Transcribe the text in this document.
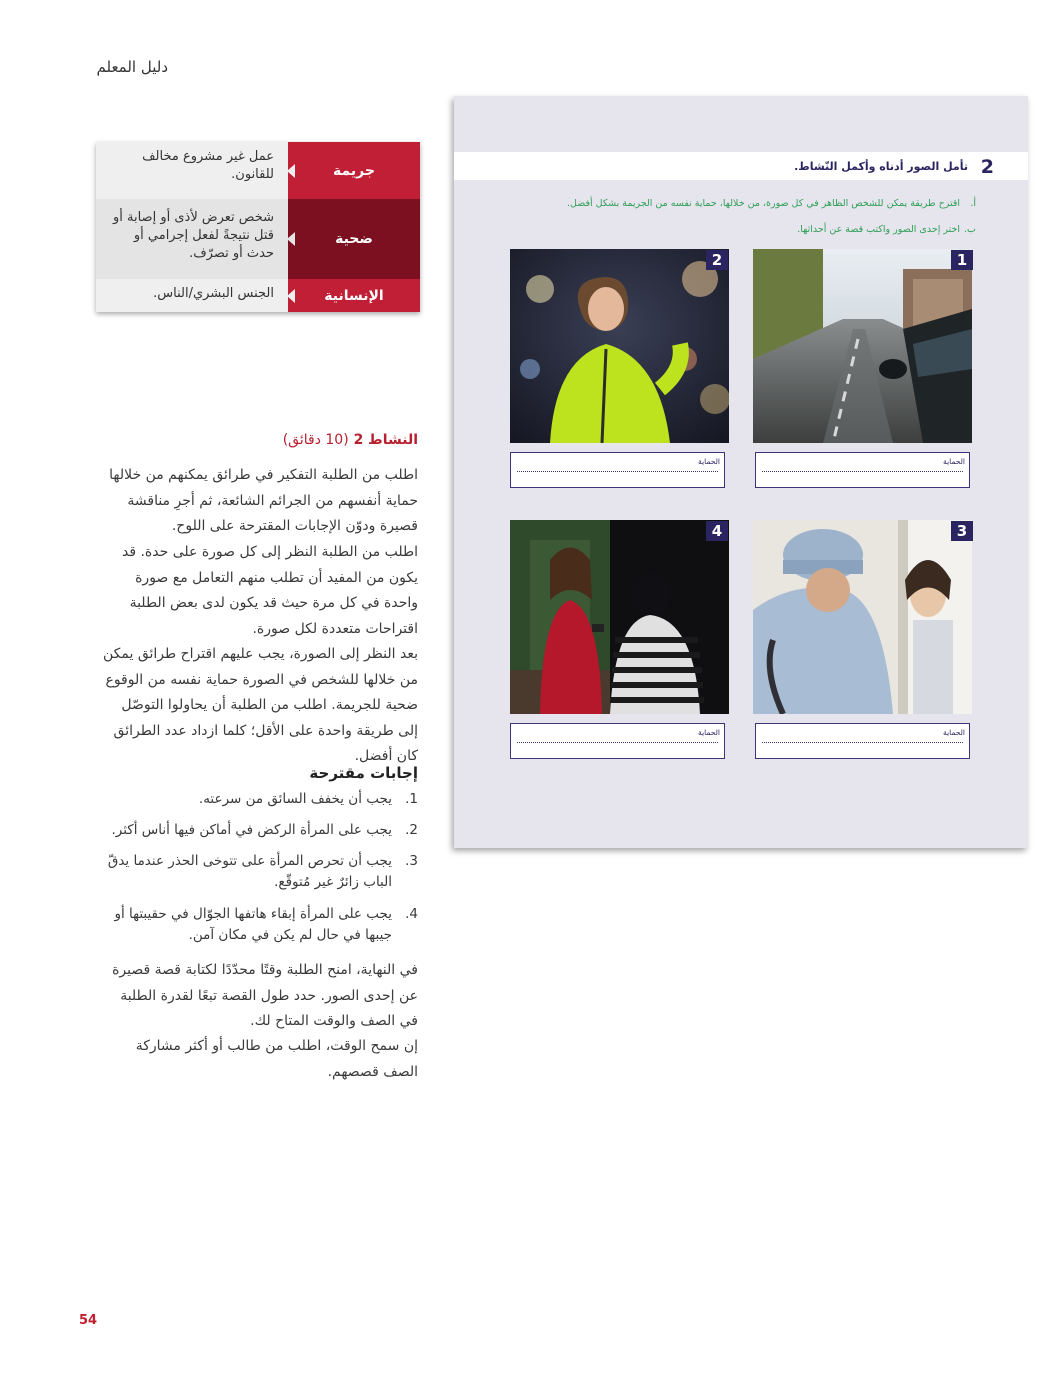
دليل المعلم
جريمة
عمل غير مشروع مخالف للقانون.
ضحية
شخص تعرض لأذى أو إصابة أو قتل نتيجةً لفعل إجرامي أو حدث أو تصرّف.
الإنسانية
الجنس البشري/الناس.
النشاط 2 (10 دقائق)
اطلب من الطلبة التفكير في طرائق يمكنهم من خلالها حماية أنفسهم من الجرائم الشائعة، ثم أجرِ مناقشة قصيرة ودوّن الإجابات المقترحة على اللوح.
اطلب من الطلبة النظر إلى كل صورة على حدة. قد يكون من المفيد أن تطلب منهم التعامل مع صورة واحدة في كل مرة حيث قد يكون لدى بعض الطلبة اقتراحات متعددة لكل صورة.
بعد النظر إلى الصورة، يجب عليهم اقتراح طرائق يمكن من خلالها للشخص في الصورة حماية نفسه من الوقوع ضحية للجريمة. اطلب من الطلبة أن يحاولوا التوصّل إلى طريقة واحدة على الأقل؛ كلما ازداد عدد الطرائق كان أفضل.
إجابات مقترحة
1.
يجب أن يخفف السائق من سرعته.
2.
يجب على المرأة الركض في أماكن فيها أناس أكثر.
3.
يجب أن تحرص المرأة على تتوخى الحذر عندما يدقّ الباب زائرٌ غير مُتوقّع.
4.
يجب على المرأة إبقاء هاتفها الجوّال في حقيبتها أو جيبها في حال لم يكن في مكان آمن.
في النهاية، امنح الطلبة وقتًا محدّدًا لكتابة قصة قصيرة عن إحدى الصور. حدد طول القصة تبعًا لقدرة الطلبة في الصف والوقت المتاح لك.
إن سمح الوقت، اطلب من طالب أو أكثر مشاركة الصف قصصهم.
54
2
تأمل الصور أدناه وأكمل النّشاط.
أ.
اقترح طريقة يمكن للشخص الظاهر في كل صورة، من خلالها، حماية نفسه من الجريمة بشكل أفضل.
ب.
اختر إحدى الصور واكتب قصة عن أحداثها.
1
2
3
4
الحماية
الحماية
الحماية
الحماية
